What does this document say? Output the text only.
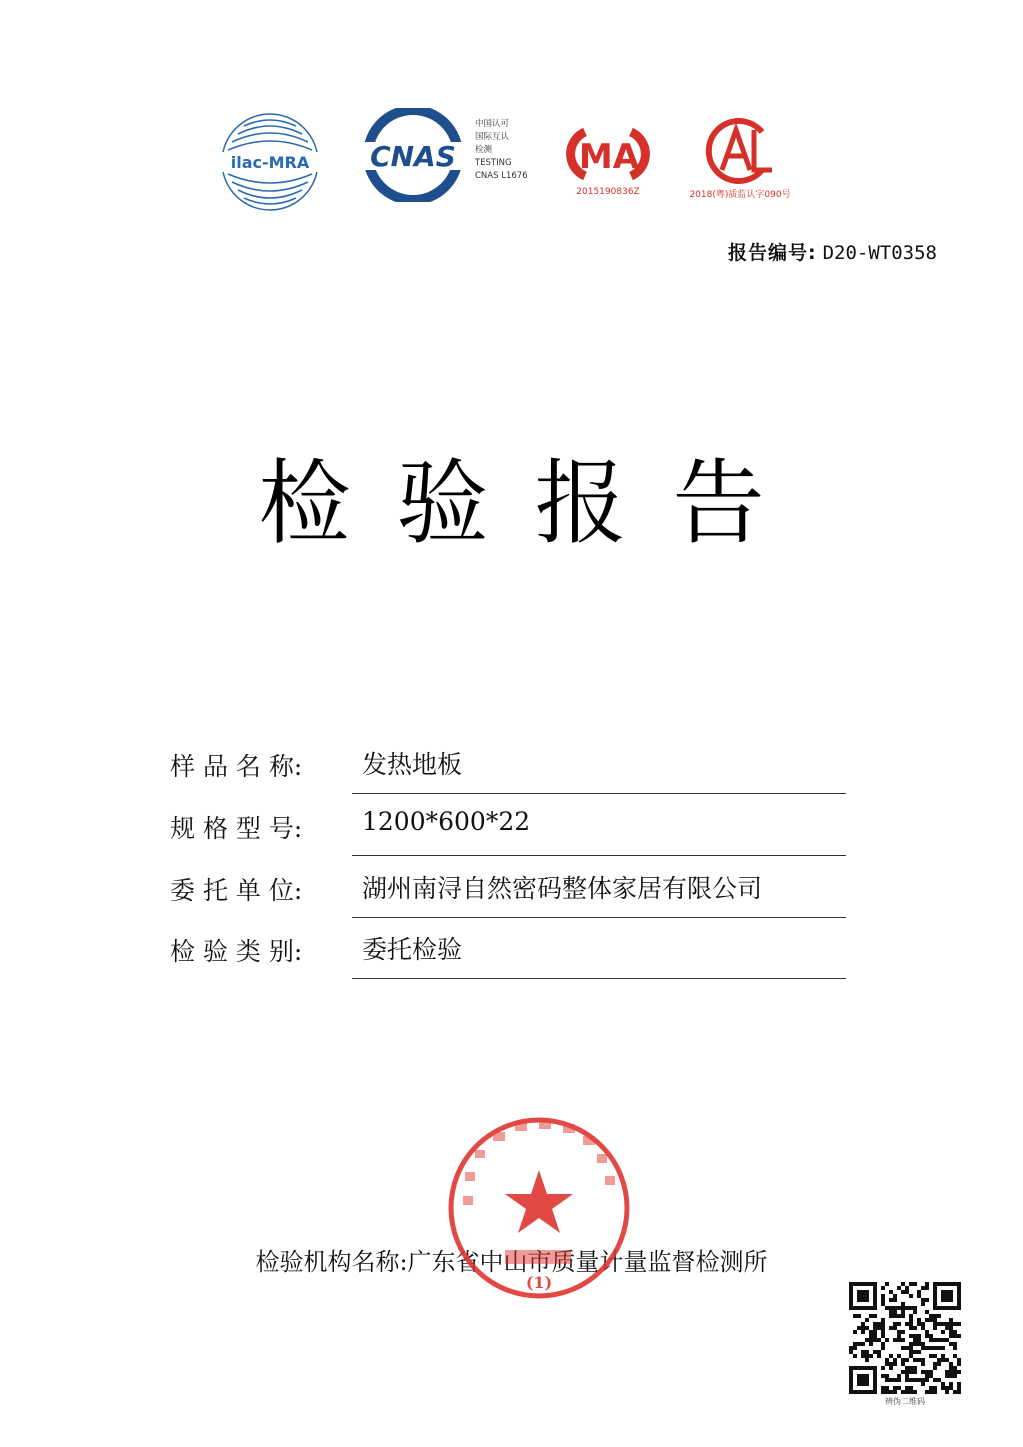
ilac-MRA CNAS
中国认可
国际互认
检测
TESTING
CNAS L1676 MA
2015190836Z
CAL
2018(粤)质监认字090号
报告编号: D20-WT0358
检验报告
样 品 名 称: 发热地板
规 格 型 号: 1200*600*22
委 托 单 位: 湖州南浔自然密码整体家居有限公司
检 验 类 别: 委托检验
检验机构名称:广东省中山市质量计量监督检测所
(1)
辨伪二维码
